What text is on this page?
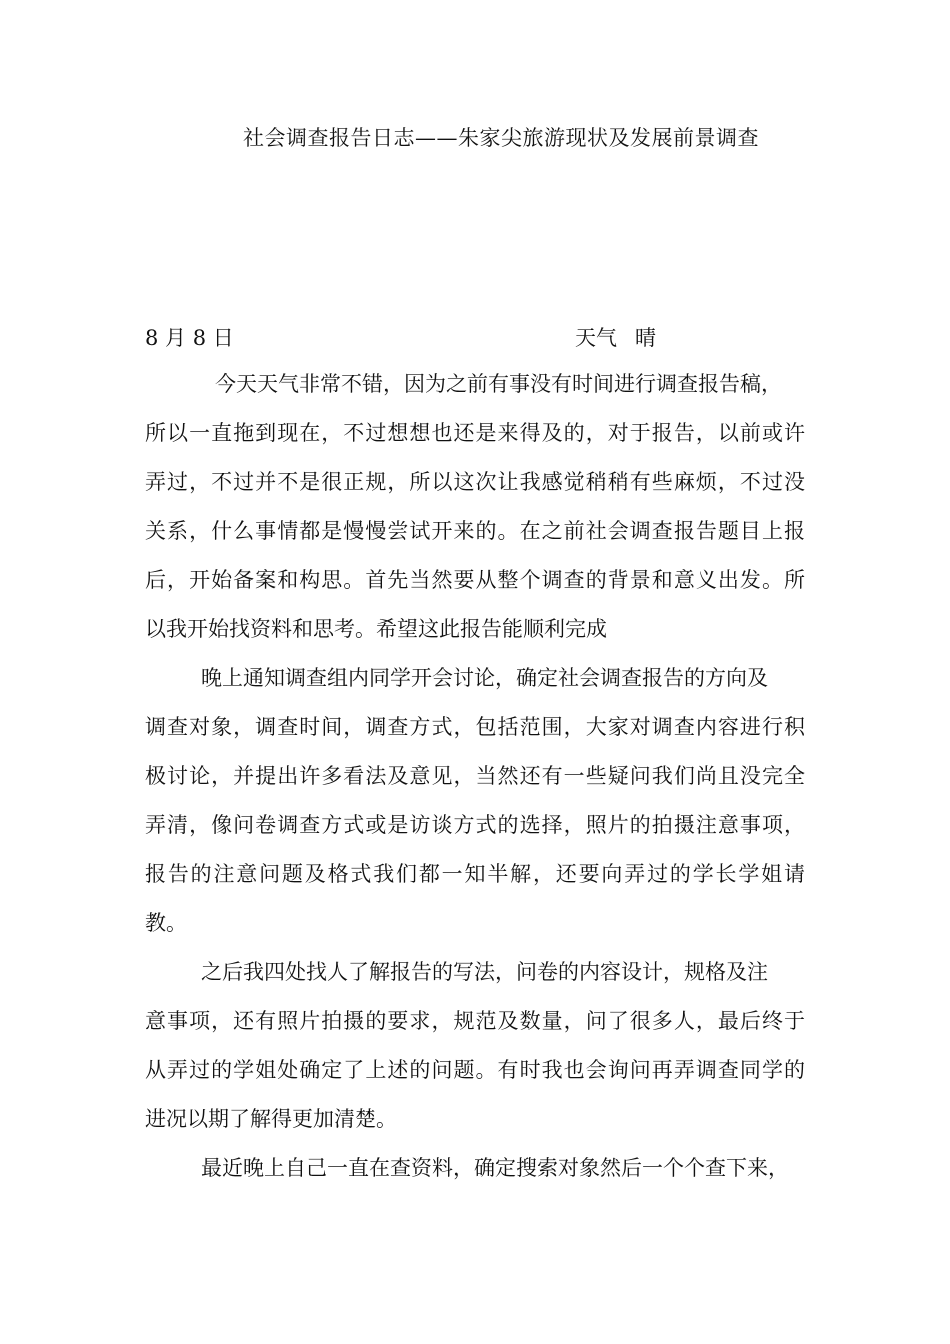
社会调查报告日志——朱家尖旅游现状及发展前景调查
8 月 8 日	天气 晴
今天天气非常不错，因为之前有事没有时间进行调查报告稿，
所以一直拖到现在，不过想想也还是来得及的，对于报告，以前或许
弄过，不过并不是很正规，所以这次让我感觉稍稍有些麻烦，不过没
关系，什么事情都是慢慢尝试开来的。在之前社会调查报告题目上报
后，开始备案和构思。首先当然要从整个调查的背景和意义出发。所
以我开始找资料和思考。希望这此报告能顺利完成
晚上通知调查组内同学开会讨论，确定社会调查报告的方向及
调查对象，调查时间，调查方式，包括范围，大家对调查内容进行积
极讨论，并提出许多看法及意见，当然还有一些疑问我们尚且没完全
弄清，像问卷调查方式或是访谈方式的选择，照片的拍摄注意事项，
报告的注意问题及格式我们都一知半解，还要向弄过的学长学姐请
教。
之后我四处找人了解报告的写法，问卷的内容设计，规格及注
意事项，还有照片拍摄的要求，规范及数量，问了很多人，最后终于
从弄过的学姐处确定了上述的问题。有时我也会询问再弄调查同学的
进况以期了解得更加清楚。
最近晚上自己一直在查资料，确定搜索对象然后一个个查下来，
